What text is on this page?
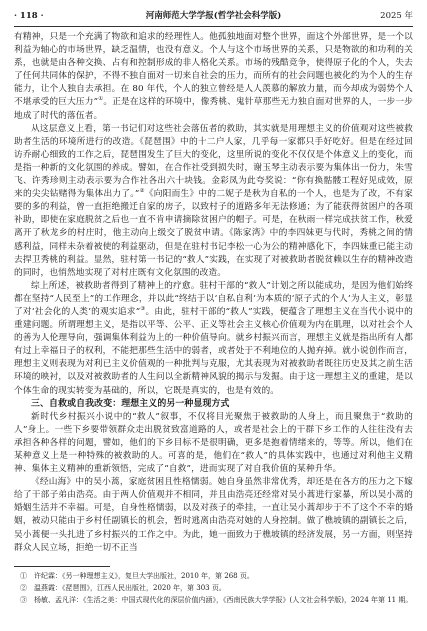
· 118 ·	河南师范大学学报(哲学社会科学版)	2025 年

有精神，只是一个充满了物欲和追求的经理性人。他孤独地面对整个世界，面这个外部世界，是一个以利益为轴心的市场世界，缺乏温情，也没有意义。个人与这个市场世界的关系，只是物欲的和功利的关系，也就是由各种交换、占有和控制形成的非人格化关系。市场的残酷竞争，使得原子化的个人，失去了任何共同体的保护，不得不独自面对一切来自社会的压力，而所有的社会问题也被化约为个人的生存能力，让个人独自去承担。在 80 年代，个人的独立曾经是人人羡慕的解放力量，而今却成为弱势个人不堪承受的巨大压力”①。正是在这样的环境中，像秀桃、鬼针草那些无力独自面对世界的人，一步一步地成了时代的落伍者。

从这层意义上看，第一书记们对这些社会落伍者的救助，其实就是用理想主义的价值观对这些被救助者生活的环境所进行的改造。《琵琶围》中的十二户人家，几乎每一家都只手好吃好。但是在经过回访乔耐心细致的工作之后，琵琶围发生了巨大的变化，这里所说的变化不仅仅是个体意义上的变化，而是指一种新的文化氛围的养成。譬如，在合作社受到损失时，谢玉琴主动表示要为集体出一份力，朱雪飞、许秀珍则主动表示要为合作社各出六十块钱。金彩凤为此夸奖说：“你有换骷髅工程好见成效，原来的尖尖钻赌得为集体出力了。”②《向阳而生》中的二妮子是秋为自私的一个人，也是为了改，不有家要的多的利益，曾一直拒绝搬迁自家的房子，以致村子的道路多年无法修通；为了能获得贫困户的各项补助，即使在家庭脱贫之后也一直不肯申请摘除贫困户的帽子。可是，在秋雨一样完成扶贫工作，秋爱离开了秋龙乡的村庄时，他主动向上级交了脱贫申请。《陈家湾》中的李四妹更与代时，秀桃之间的情感利益，同样未杂着被使的利益驱动，但是在驻村书记李松一心为公的精神感化下，李四妹重已能主动去捍卫秀桃的利益。显然，驻村第一书记的“救人”实践，在实现了对被救助者脱贫赖以生存的精神改造的同时，也悄然地实现了对村庄既有文化氛围的改造。

综上所述，被救助者得到了精神上的疗愈。驻村干部的“救人”计划之所以能成功，是因为他们始终都在坚持“人民至上”的工作理念，并以此“终结于以‘自私自利’为本质的‘原子式的个人’为人主义，彰显了对‘社会化的人类’的观实追求”③。由此，驻村干部的“救人”实践，便蕴含了理想主义在当代小说中的重建问题。所谓理想主义，是指以平等、公平、正义等社会主义核心价值观为内在肌理，以对社会个人的善为人伦理导向，强调集体利益为上的一种价值导向。就乡村振兴而言，理想主义就是指出所有人都有过上幸福日子的权利，不能把那些生活中的弱者，或者处于不利地位的人抛弃掉。就小说创作而言，理想主义则表现为对利已主义价值观的一种批判与克服，尤其表现为对被救助者既往历史及其之前生活环境的映衬，以及对被救助者的人生问以全新精神风貌的揭示与发掘。由于这一理想主义的重建，是以个体生命的现实转变为基础的，所以，它既是真实的，也是有效的。

三、自救或自我改变：理想主义的另一种显现方式

新时代乡村振兴小说中的“救人”叙事，不仅将目光聚焦于被救助的人身上，而且聚焦于“救助的人”身上。一些下乡要带领群众走出脱贫致富道路的人，或者是社会上的干群下乡工作的人往往没有去承担各种各样的问题，譬如，他们的下乡目标不是很明确，更多是抱着情绪来的，等等。所以，他们在某种意义上是一种特殊的被救助的人。可喜的是，他们在“救人”的具体实践中，也通过对利他主义精神、集体主义精神的重新领悟，完成了“自救”，进而实现了对自我价值的某种升华。

《经山海》中的吴小蒿，家庭贫困且性格懦弱。她自身虽然非常优秀，却还是在各方的压力之下嫁给了干部子弟由浩亮。由于两人价值观并不相同，并且由浩亮还经常对吴小蒿进行家暴，所以吴小蒿的婚姻生活并不幸福。可是，自身性格懦弱，以及对孩子的牵挂，一直让吴小蒿却步于不了这个不幸的婚姻，被动只能由于乡村任副镇长的机会，暂时逃离由浩亮对她的人身控制。做了樵坡镇的副镇长之后，吴小蒿便一头扎进了乡村振兴的工作之中。为此，她一面致力于樵坡镇的经济发展，另一方面，则坚持群众人民立场，拒绝一切不正当

①　许纪霖：《另一种理想主义》，复旦大学出版社，2010 年，第 268 页。
②　温燕霞：《琵琶围》，江西人民出版社，2020 年，第 303 页。
③　杨敏、孟凡洋：《生活之美：中国式现代化的深层价值内涵》，《西南民族大学学报》(人文社会科学版)，2024 年第 11 期。
